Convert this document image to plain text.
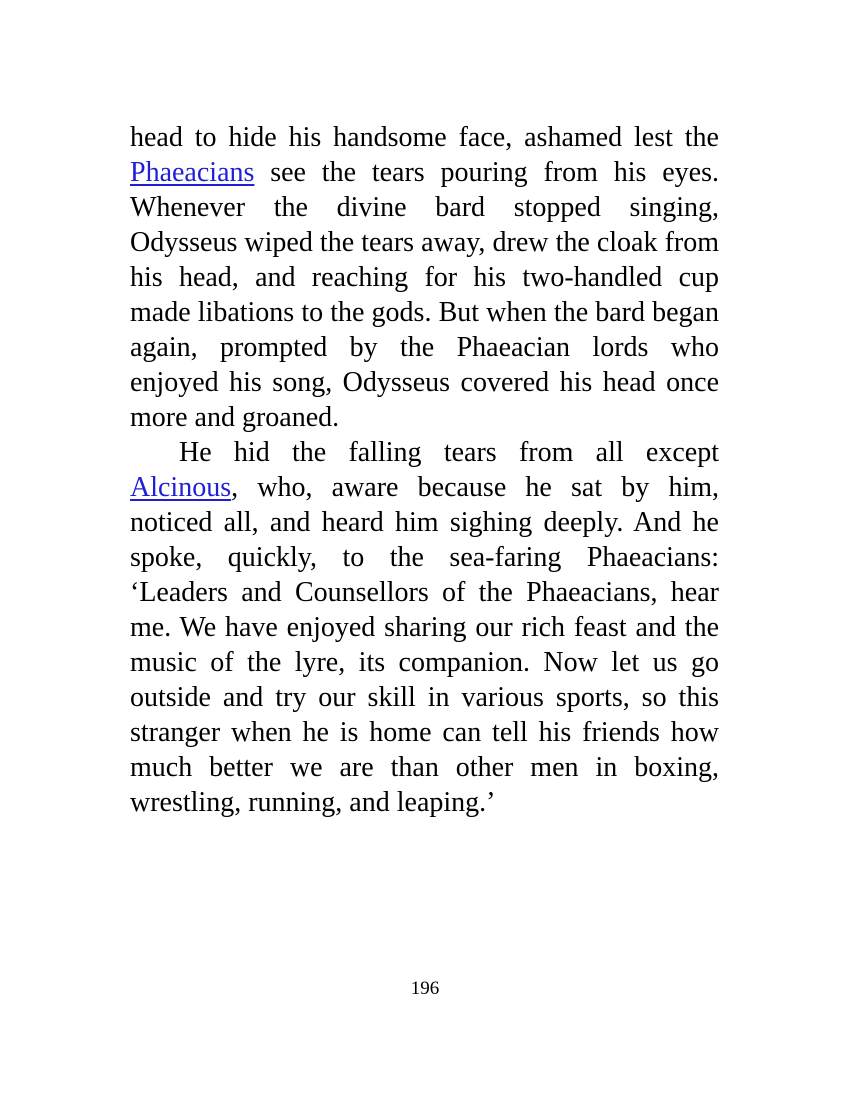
head to hide his handsome face, ashamed lest the Phaeacians see the tears pouring from his eyes. Whenever the divine bard stopped singing, Odysseus wiped the tears away, drew the cloak from his head, and reaching for his two-handled cup made libations to the gods. But when the bard began again, prompted by the Phaeacian lords who enjoyed his song, Odysseus covered his head once more and groaned.

He hid the falling tears from all except Alcinous, who, aware because he sat by him, noticed all, and heard him sighing deeply. And he spoke, quickly, to the sea-faring Phaeacians: ‘Leaders and Counsellors of the Phaeacians, hear me. We have enjoyed sharing our rich feast and the music of the lyre, its companion. Now let us go outside and try our skill in various sports, so this stranger when he is home can tell his friends how much better we are than other men in boxing, wrestling, running, and leaping.’

196
